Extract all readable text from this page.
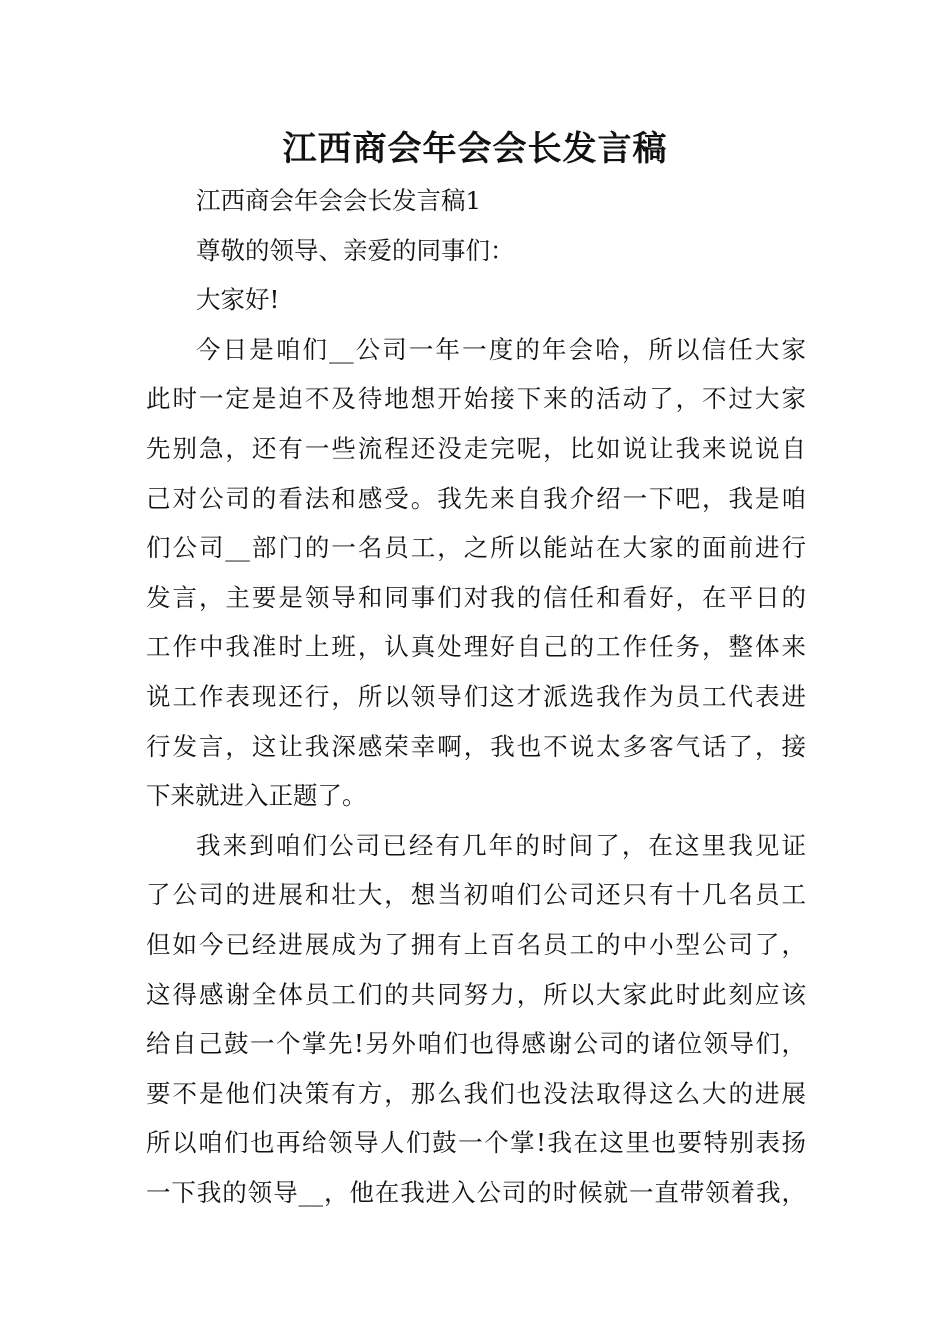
江西商会年会会长发言稿

江西商会年会会长发言稿1

尊敬的领导、亲爱的同事们：

大家好!

今日是咱们__公司一年一度的年会哈，所以信任大家
此时一定是迫不及待地想开始接下来的活动了，不过大家
先别急，还有一些流程还没走完呢，比如说让我来说说自
己对公司的看法和感受。我先来自我介绍一下吧，我是咱
们公司__部门的一名员工，之所以能站在大家的面前进行
发言，主要是领导和同事们对我的信任和看好，在平日的
工作中我准时上班，认真处理好自己的工作任务，整体来
说工作表现还行，所以领导们这才派选我作为员工代表进
行发言，这让我深感荣幸啊，我也不说太多客气话了，接
下来就进入正题了。
我来到咱们公司已经有几年的时间了，在这里我见证
了公司的进展和壮大，想当初咱们公司还只有十几名员工
但如今已经进展成为了拥有上百名员工的中小型公司了，
这得感谢全体员工们的共同努力，所以大家此时此刻应该
给自己鼓一个掌先!另外咱们也得感谢公司的诸位领导们，
要不是他们决策有方，那么我们也没法取得这么大的进展
所以咱们也再给领导人们鼓一个掌!我在这里也要特别表扬
一下我的领导__，他在我进入公司的时候就一直带领着我，
